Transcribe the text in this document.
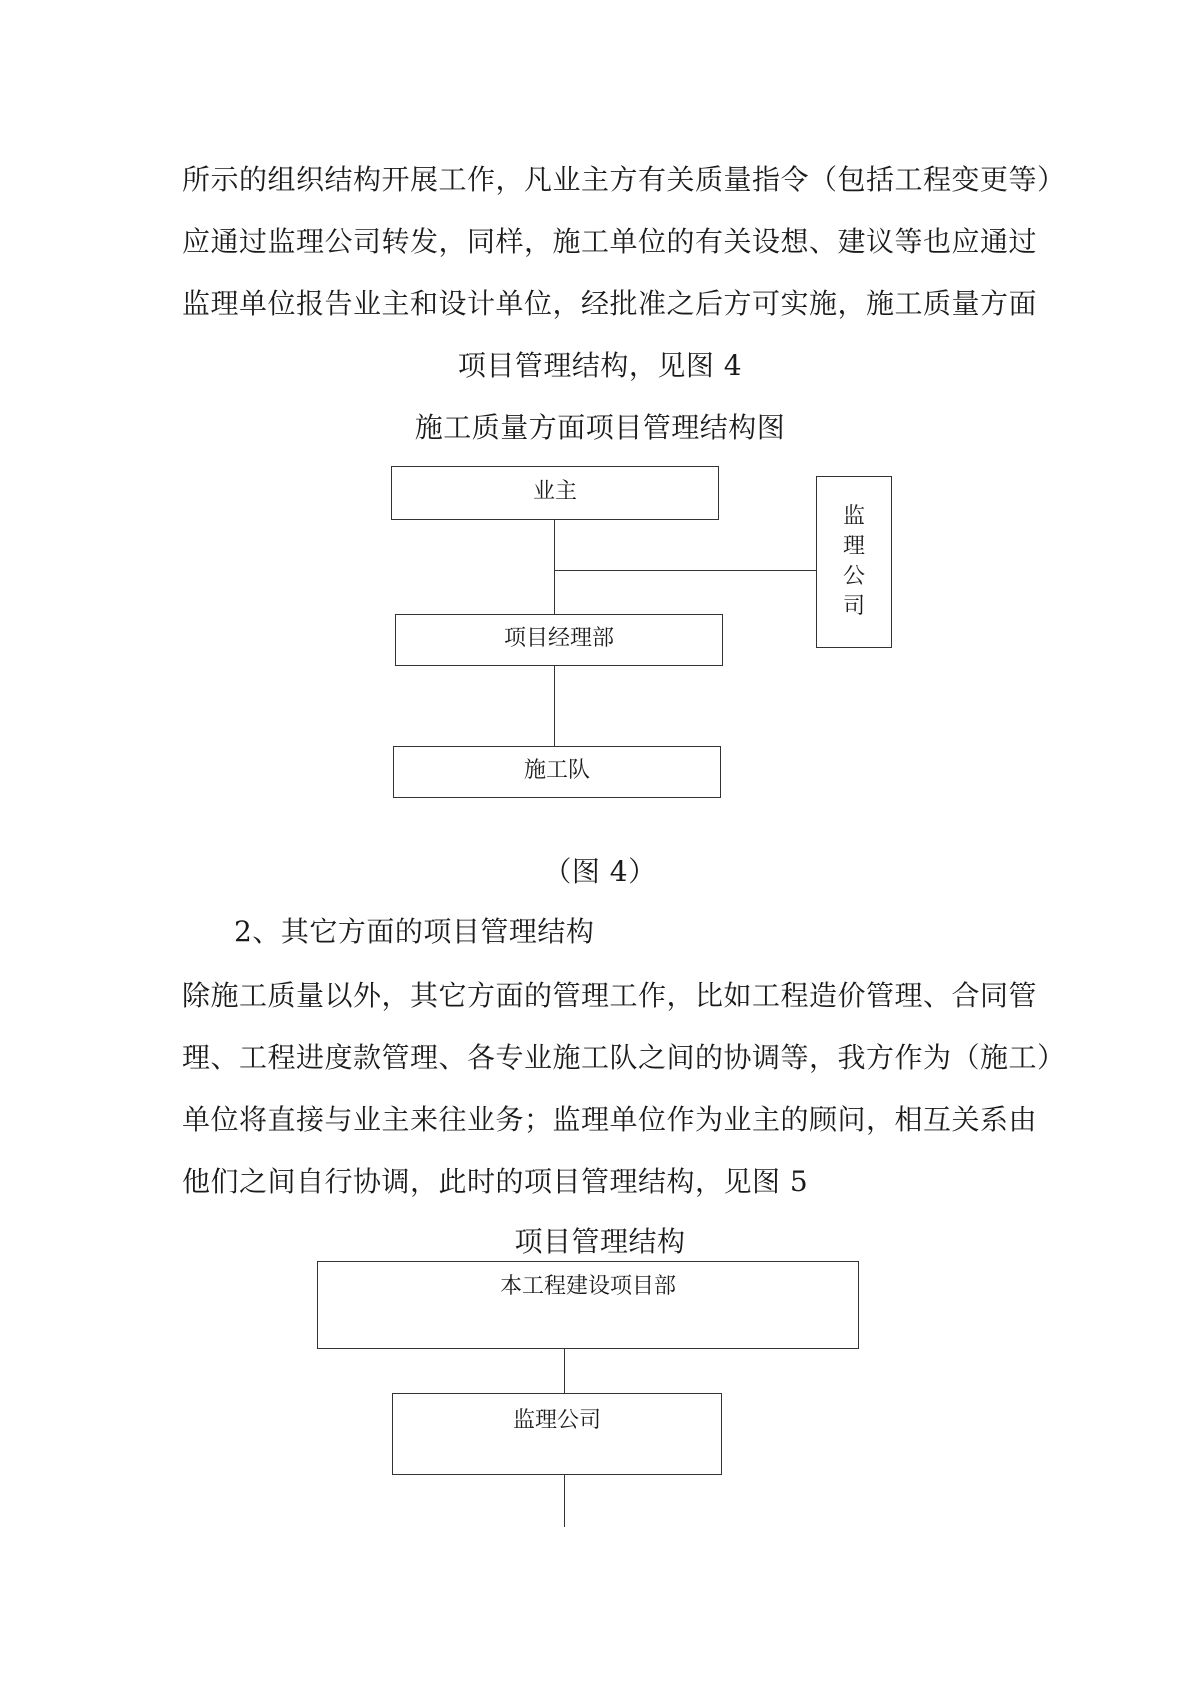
所示的组织结构开展工作，凡业主方有关质量指令（包括工程变更等）
应通过监理公司转发，同样，施工单位的有关设想、建议等也应通过
监理单位报告业主和设计单位，经批准之后方可实施，施工质量方面
项目管理结构，见图 4
施工质量方面项目管理结构图
业主
监
理
公
司
项目经理部
施工队
（图 4）
2、其它方面的项目管理结构
除施工质量以外，其它方面的管理工作，比如工程造价管理、合同管
理、工程进度款管理、各专业施工队之间的协调等，我方作为（施工）
单位将直接与业主来往业务；监理单位作为业主的顾问，相互关系由
他们之间自行协调，此时的项目管理结构，见图 5
项目管理结构
本工程建设项目部
监理公司
